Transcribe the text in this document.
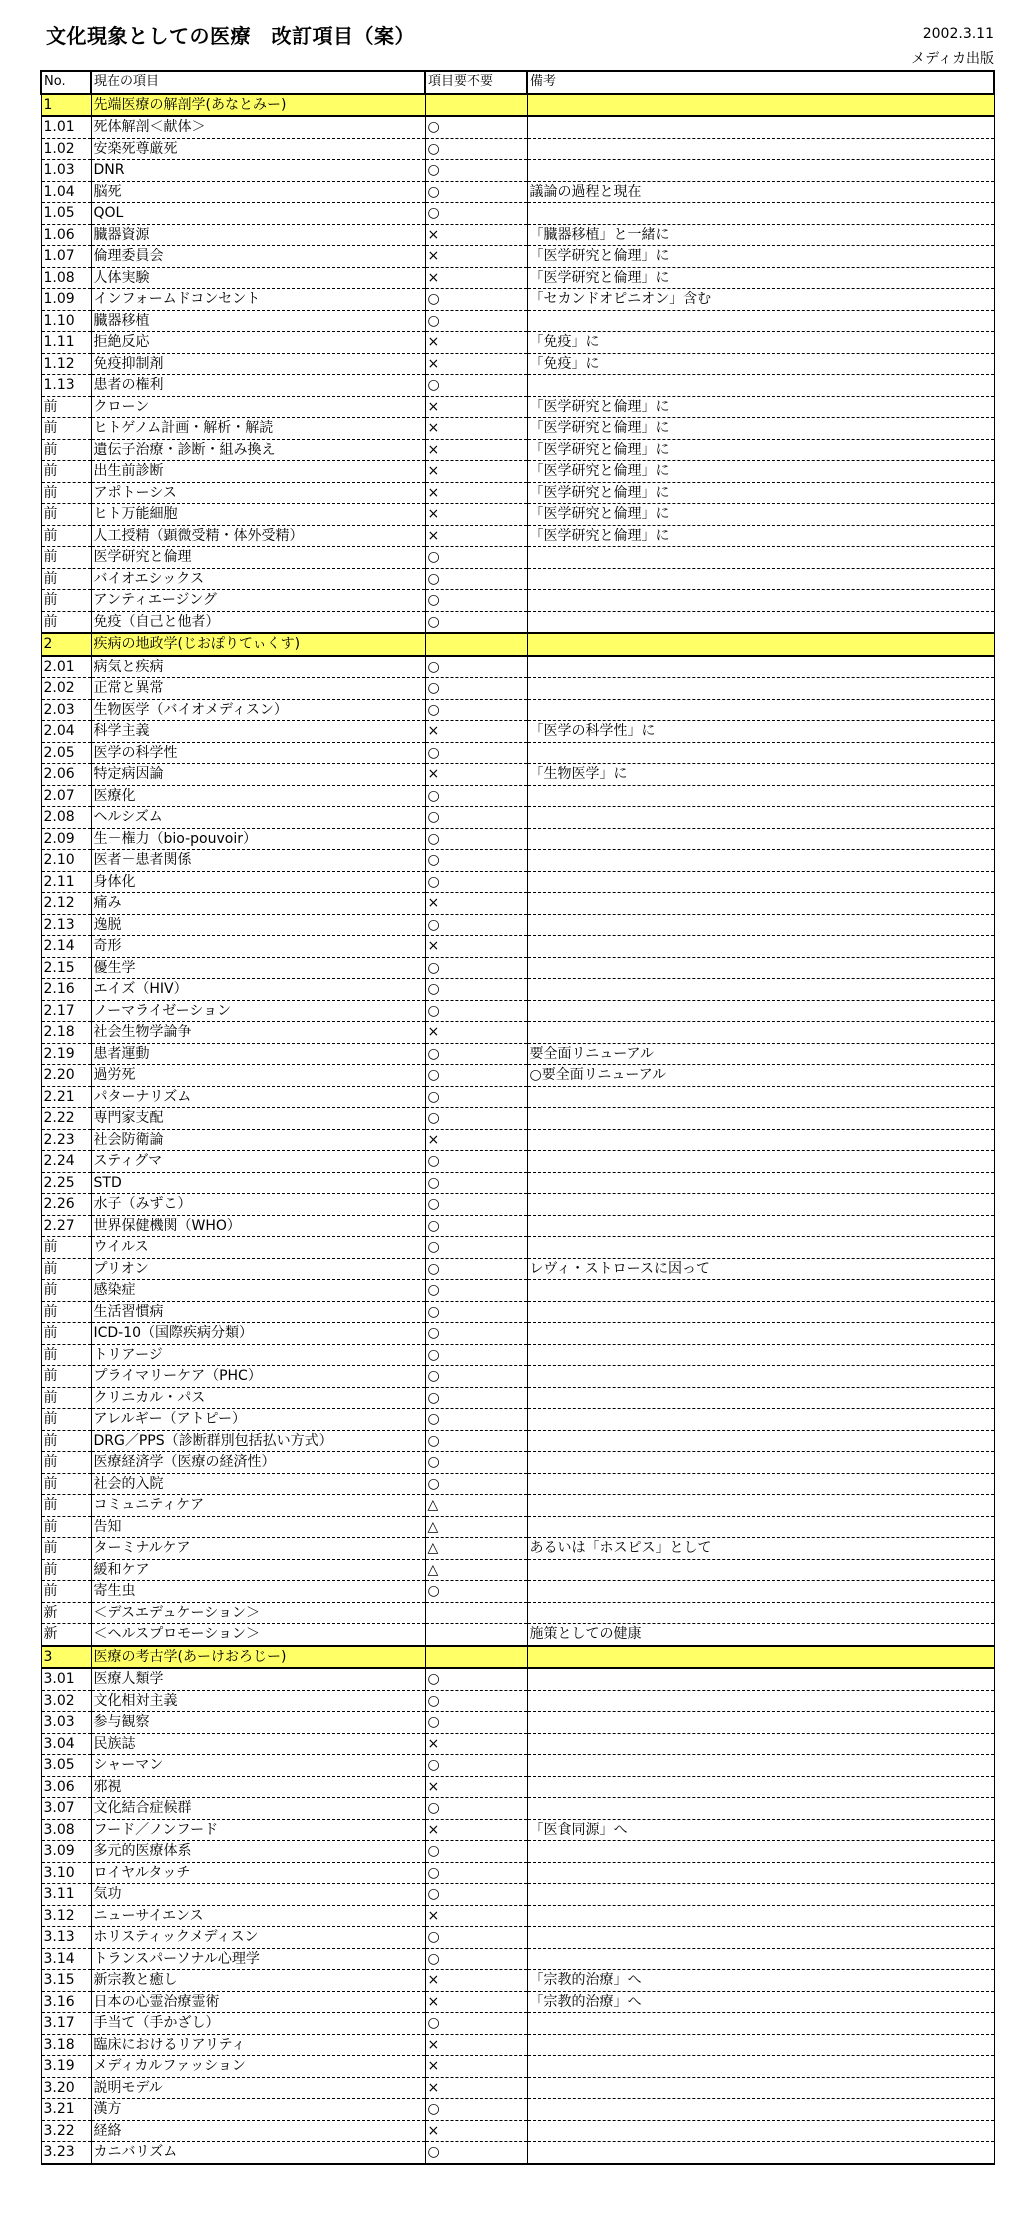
文化現象としての医療　改訂項目（案）	2002.3.11
メディカ出版
No.	現在の項目	項目要不要	備考
1	先端医療の解剖学(あなとみー)		
1.01	死体解剖＜献体＞	○	
1.02	安楽死尊厳死	○	
1.03	DNR	○	
1.04	脳死	○	議論の過程と現在
1.05	QOL	○	
1.06	臓器資源	×	「臓器移植」と一緒に
1.07	倫理委員会	×	「医学研究と倫理」に
1.08	人体実験	×	「医学研究と倫理」に
1.09	インフォームドコンセント	○	「セカンドオピニオン」含む
1.10	臓器移植	○	
1.11	拒絶反応	×	「免疫」に
1.12	免疫抑制剤	×	「免疫」に
1.13	患者の権利	○	
前	クローン	×	「医学研究と倫理」に
前	ヒトゲノム計画・解析・解読	×	「医学研究と倫理」に
前	遺伝子治療・診断・組み換え	×	「医学研究と倫理」に
前	出生前診断	×	「医学研究と倫理」に
前	アポトーシス	×	「医学研究と倫理」に
前	ヒト万能細胞	×	「医学研究と倫理」に
前	人工授精（顕微受精・体外受精）	×	「医学研究と倫理」に
前	医学研究と倫理	○	
前	バイオエシックス	○	
前	アンティエージング	○	
前	免疫（自己と他者）	○	
2	疾病の地政学(じおぽりてぃくす)		
2.01	病気と疾病	○	
2.02	正常と異常	○	
2.03	生物医学（バイオメディスン）	○	
2.04	科学主義	×	「医学の科学性」に
2.05	医学の科学性	○	
2.06	特定病因論	×	「生物医学」に
2.07	医療化	○	
2.08	ヘルシズム	○	
2.09	生－権力（bio-pouvoir）	○	
2.10	医者－患者関係	○	
2.11	身体化	○	
2.12	痛み	×	
2.13	逸脱	○	
2.14	奇形	×	
2.15	優生学	○	
2.16	エイズ（HIV）	○	
2.17	ノーマライゼーション	○	
2.18	社会生物学論争	×	
2.19	患者運動	○	要全面リニューアル
2.20	過労死	○	○要全面リニューアル
2.21	パターナリズム	○	
2.22	専門家支配	○	
2.23	社会防衛論	×	
2.24	スティグマ	○	
2.25	STD	○	
2.26	水子（みずこ）	○	
2.27	世界保健機関（WHO）	○	
前	ウイルス	○	
前	プリオン	○	レヴィ・ストロースに因って
前	感染症	○	
前	生活習慣病	○	
前	ICD-10（国際疾病分類）	○	
前	トリアージ	○	
前	プライマリーケア（PHC）	○	
前	クリニカル・パス	○	
前	アレルギー（アトピー）	○	
前	DRG／PPS（診断群別包括払い方式）	○	
前	医療経済学（医療の経済性）	○	
前	社会的入院	○	
前	コミュニティケア	△	
前	告知	△	
前	ターミナルケア	△	あるいは「ホスピス」として
前	緩和ケア	△	
前	寄生虫	○	
新	＜デスエデュケーション＞		
新	＜ヘルスプロモーション＞		施策としての健康
3	医療の考古学(あーけおろじー)		
3.01	医療人類学	○	
3.02	文化相対主義	○	
3.03	参与観察	○	
3.04	民族誌	×	
3.05	シャーマン	○	
3.06	邪視	×	
3.07	文化結合症候群	○	
3.08	フード／ノンフード	×	「医食同源」へ
3.09	多元的医療体系	○	
3.10	ロイヤルタッチ	○	
3.11	気功	○	
3.12	ニューサイエンス	×	
3.13	ホリスティックメディスン	○	
3.14	トランスパーソナル心理学	○	
3.15	新宗教と癒し	×	「宗教的治療」へ
3.16	日本の心霊治療霊術	×	「宗教的治療」へ
3.17	手当て（手かざし）	○	
3.18	臨床におけるリアリティ	×	
3.19	メディカルファッション	×	
3.20	説明モデル	×	
3.21	漢方	○	
3.22	経絡	×	
3.23	カニバリズム	○	
